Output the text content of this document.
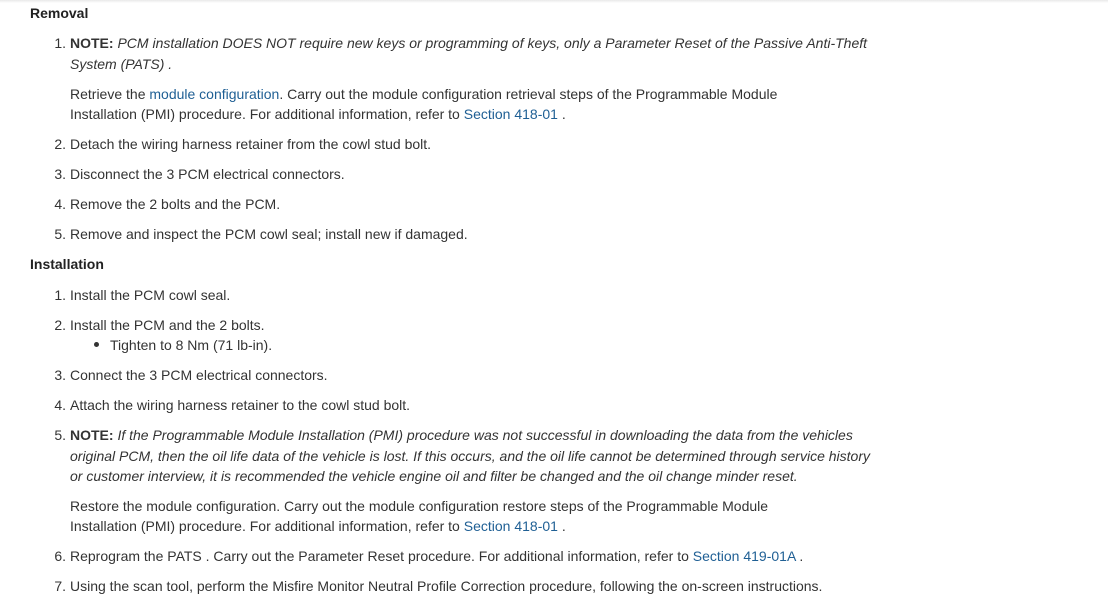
Removal
1. NOTE: PCM installation DOES NOT require new keys or programming of keys, only a Parameter Reset of the Passive Anti-Theft
System (PATS) .
Retrieve the module configuration. Carry out the module configuration retrieval steps of the Programmable Module
Installation (PMI) procedure. For additional information, refer to Section 418-01 .
2. Detach the wiring harness retainer from the cowl stud bolt.
3. Disconnect the 3 PCM electrical connectors.
4. Remove the 2 bolts and the PCM.
5. Remove and inspect the PCM cowl seal; install new if damaged.
Installation
1. Install the PCM cowl seal.
2. Install the PCM and the 2 bolts.
Tighten to 8 Nm (71 lb-in).
3. Connect the 3 PCM electrical connectors.
4. Attach the wiring harness retainer to the cowl stud bolt.
5. NOTE: If the Programmable Module Installation (PMI) procedure was not successful in downloading the data from the vehicles
original PCM, then the oil life data of the vehicle is lost. If this occurs, and the oil life cannot be determined through service history
or customer interview, it is recommended the vehicle engine oil and filter be changed and the oil change minder reset.
Restore the module configuration. Carry out the module configuration restore steps of the Programmable Module
Installation (PMI) procedure. For additional information, refer to Section 418-01 .
6. Reprogram the PATS . Carry out the Parameter Reset procedure. For additional information, refer to Section 419-01A .
7. Using the scan tool, perform the Misfire Monitor Neutral Profile Correction procedure, following the on-screen instructions.
